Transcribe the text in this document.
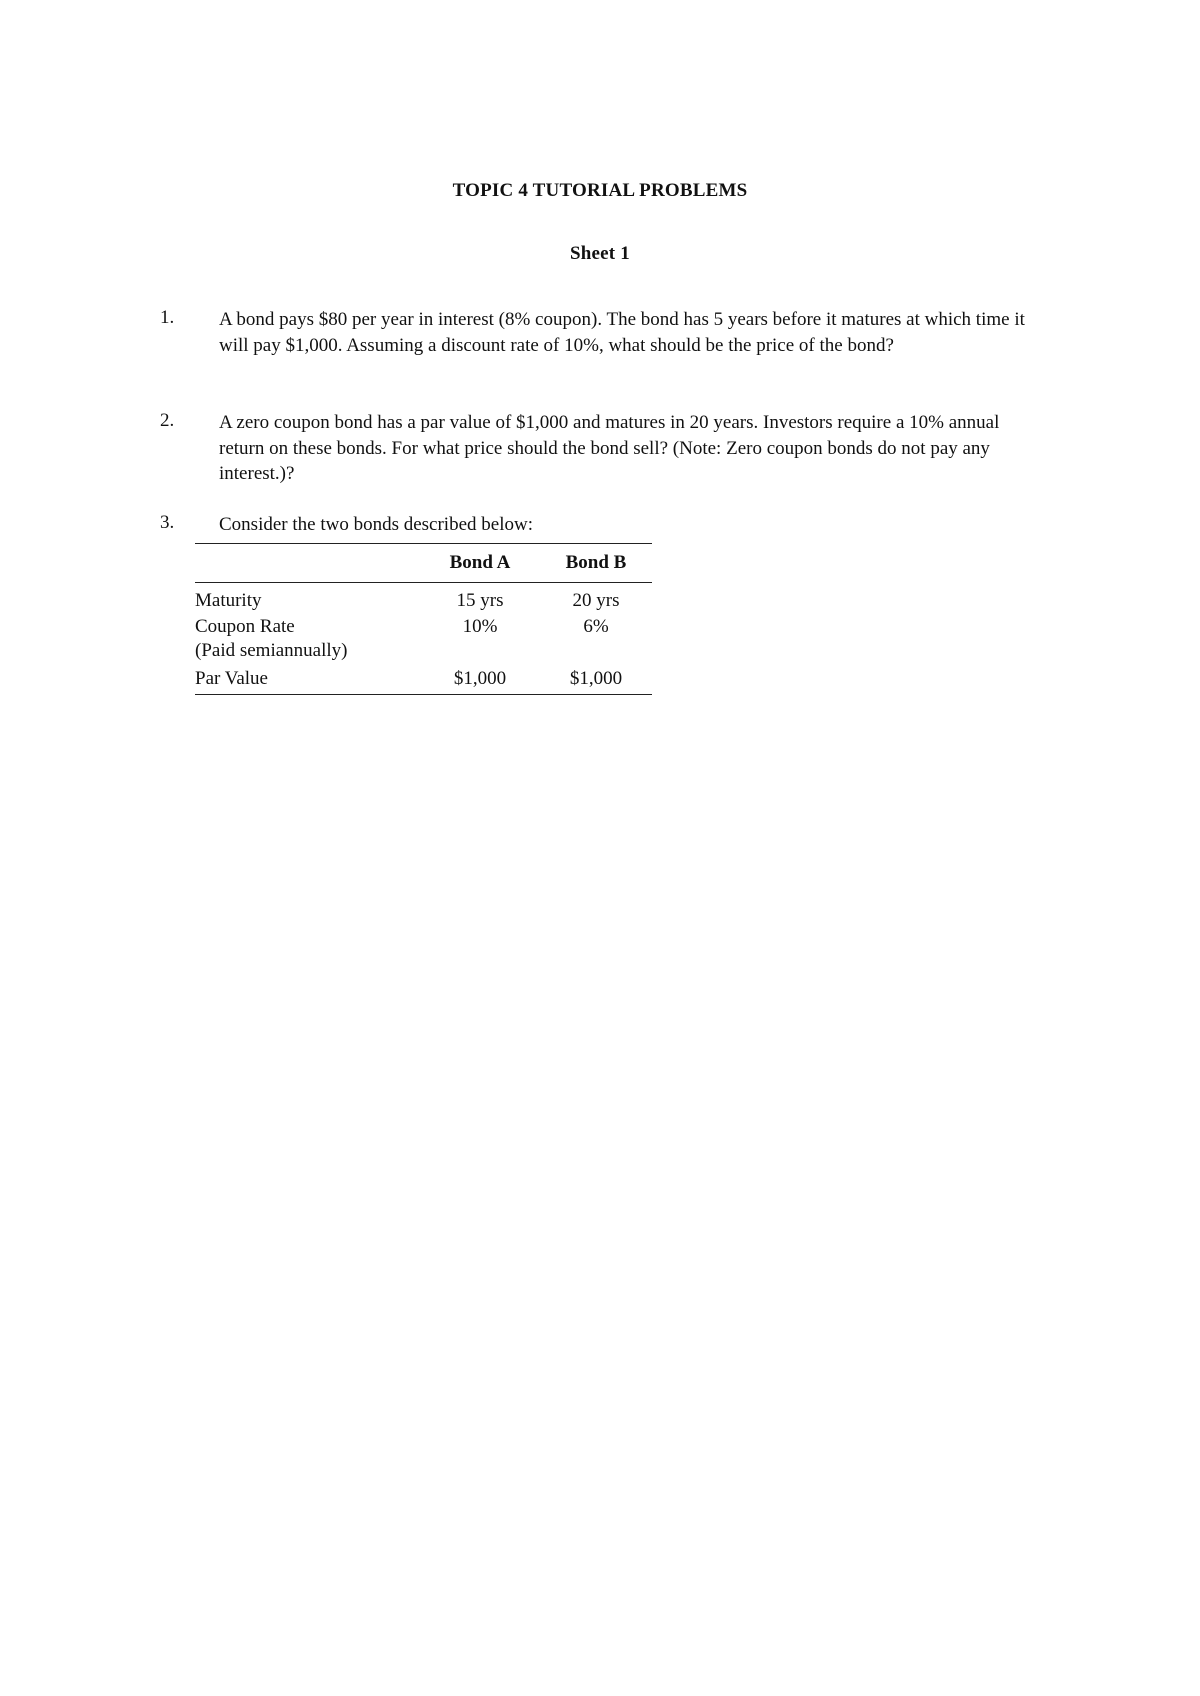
TOPIC 4 TUTORIAL PROBLEMS
Sheet 1
1. A bond pays $80 per year in interest (8% coupon). The bond has 5 years before it matures at which time it will pay $1,000. Assuming a discount rate of 10%, what should be the price of the bond?
2. A zero coupon bond has a par value of $1,000 and matures in 20 years. Investors require a 10% annual return on these bonds. For what price should the bond sell? (Note: Zero coupon bonds do not pay any interest.)?
3. Consider the two bonds described below:
	Bond A	Bond B
Maturity	15 yrs	20 yrs

Coupon Rate
(Paid semiannually)	10%	6%
Par Value	$1,000	$1,000
